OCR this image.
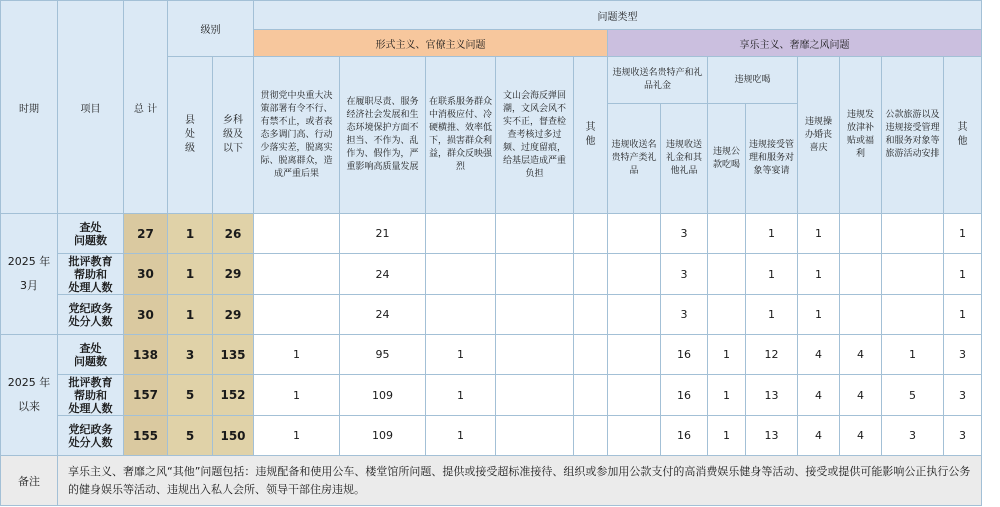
时期	项目	总 计	级别		问题类型												
					形式主义、官僚主义问题					享乐主义、奢靡之风问题							
			县
处
级	乡科
级及
以下	贯彻党中央重大决策部署有令不行、有禁不止，或者表态多调门高、行动少落实差，脱离实际、脱离群众，造成严重后果	在履职尽责、服务经济社会发展和生态环境保护方面不担当、不作为、乱作为、假作为，严重影响高质量发展	在联系服务群众中消极应付、冷硬横推、效率低下，损害群众利益，群众反映强烈	文山会海反弹回潮，文风会风不实不正，督查检查考核过多过频、过度留痕，给基层造成严重负担	其
他	违规收送名贵特产和礼品礼金		违规吃喝		违规操办婚丧喜庆	违规发放津补贴或福利	公款旅游以及违规接受管理和服务对象等旅游活动安排	其
他
										违规收送名贵特产类礼品	违规收送礼金和其他礼品	违规公款吃喝	违规接受管理和服务对象等宴请				
2025 年
3月	查处
问题数	27	1	26		21					3		1	1			1
	批评教育
帮助和
处理人数	30	1	29		24					3		1	1			1
	党纪政务
处分人数	30	1	29		24					3		1	1			1
2025 年
以来	查处
问题数	138	3	135	1	95	1				16	1	12	4	4	1	3
	批评教育
帮助和
处理人数	157	5	152	1	109	1				16	1	13	4	4	5	3
	党纪政务
处分人数	155	5	150	1	109	1				16	1	13	4	4	3	3
备注	享乐主义、奢靡之风“其他”问题包括：违规配备和使用公车、楼堂馆所问题、提供或接受超标准接待、组织或参加用公款支付的高消费娱乐健身等活动、接受或提供可能影响公正执行公务的健身娱乐等活动、违规出入私人会所、领导干部住房违规。																
